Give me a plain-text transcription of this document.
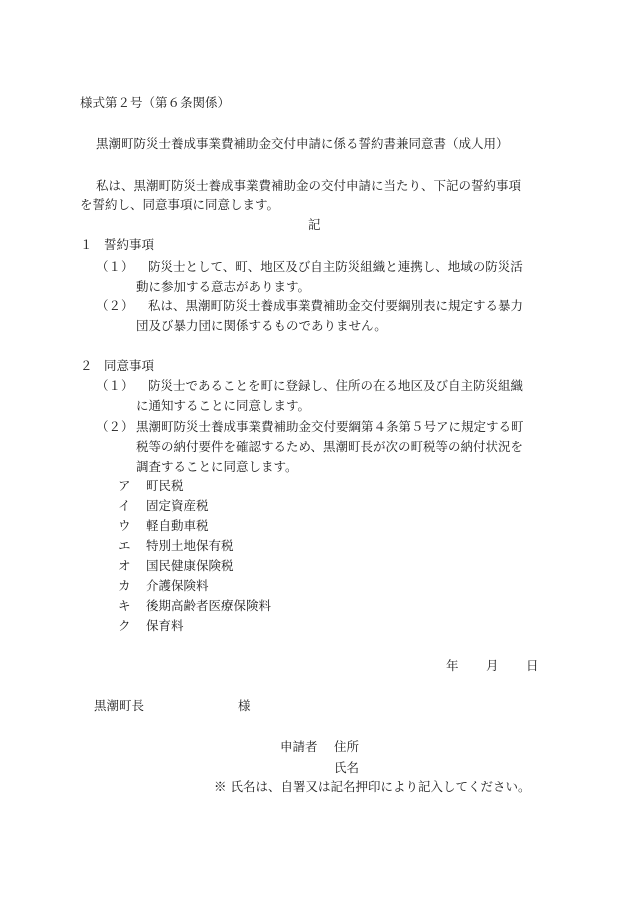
様式第２号（第６条関係）
黒潮町防災士養成事業費補助金交付申請に係る誓約書兼同意書（成人用）
私は、黒潮町防災士養成事業費補助金の交付申請に当たり、下記の誓約事項
を誓約し、同意事項に同意します。
記
１ 誓約事項
（１） 防災士として、町、地区及び自主防災組織と連携し、地域の防災活
動に参加する意志があります。
（２） 私は、黒潮町防災士養成事業費補助金交付要綱別表に規定する暴力
団及び暴力団に関係するものでありません。
２ 同意事項
（１） 防災士であることを町に登録し、住所の在る地区及び自主防災組織
に通知することに同意します。
（２） 黒潮町防災士養成事業費補助金交付要綱第４条第５号アに規定する町
税等の納付要件を確認するため、黒潮町長が次の町税等の納付状況を
調査することに同意します。
ア 町民税
イ 固定資産税
ウ 軽自動車税
エ 特別土地保有税
オ 国民健康保険税
カ 介護保険料
キ 後期高齢者医療保険料
ク 保育料
年 月 日
黒潮町長	様
申請者 住所
氏名
※ 氏名は、自署又は記名押印により記入してください。
